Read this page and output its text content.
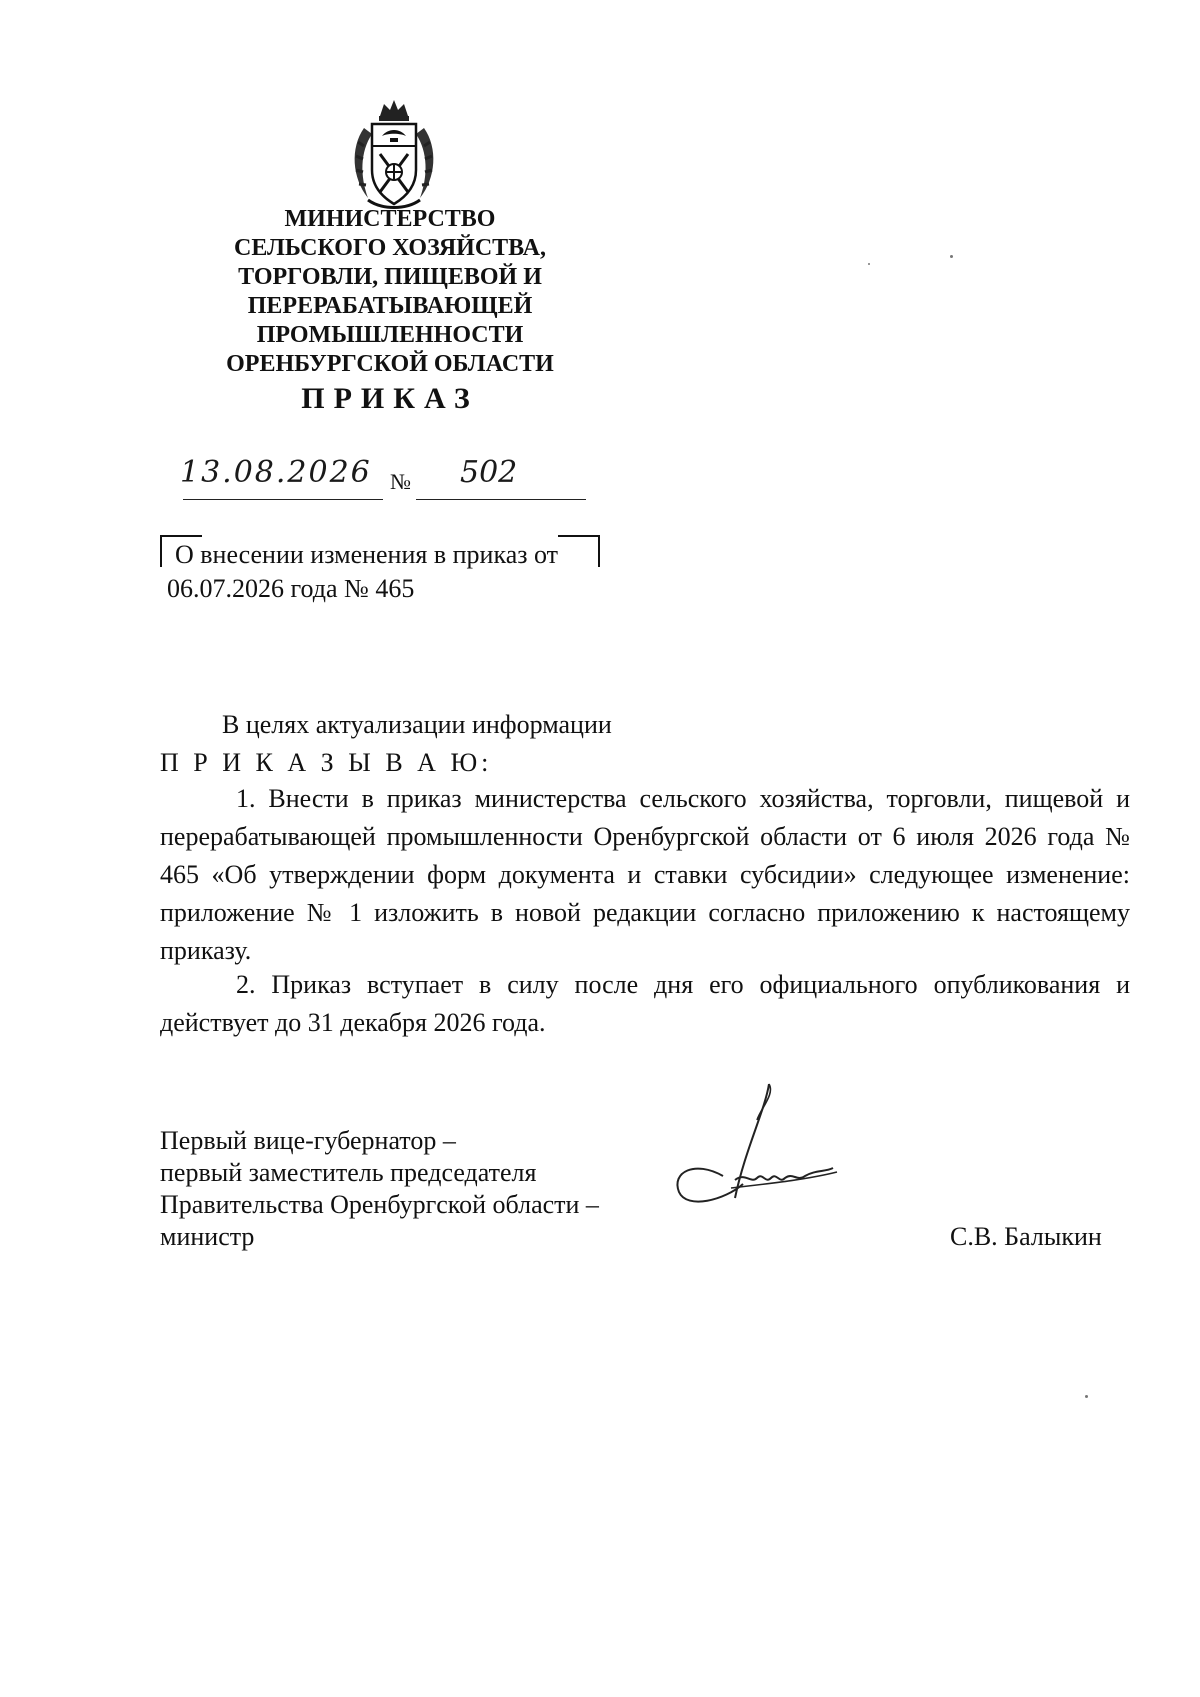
МИНИСТЕРСТВО
СЕЛЬСКОГО ХОЗЯЙСТВА,
ТОРГОВЛИ, ПИЩЕВОЙ И
ПЕРЕРАБАТЫВАЮЩЕЙ
ПРОМЫШЛЕННОСТИ
ОРЕНБУРГСКОЙ ОБЛАСТИ
ПРИКАЗ
13.08.2026 № 502
О внесении изменения в приказ от
06.07.2026 года № 465
В целях актуализации информации
П Р И К А З Ы В А Ю:
1. Внести в приказ министерства сельского хозяйства, торговли, пищевой и перерабатывающей промышленности Оренбургской области от 6 июля 2026 года № 465 «Об утверждении форм документа и ставки субсидии» следующее изменение: приложение № 1 изложить в новой редакции согласно приложению к настоящему приказу.
2. Приказ вступает в силу после дня его официального опубликования и действует до 31 декабря 2026 года.
Первый вице-губернатор –
первый заместитель председателя
Правительства Оренбургской области –
министр	С.В. Балыкин
